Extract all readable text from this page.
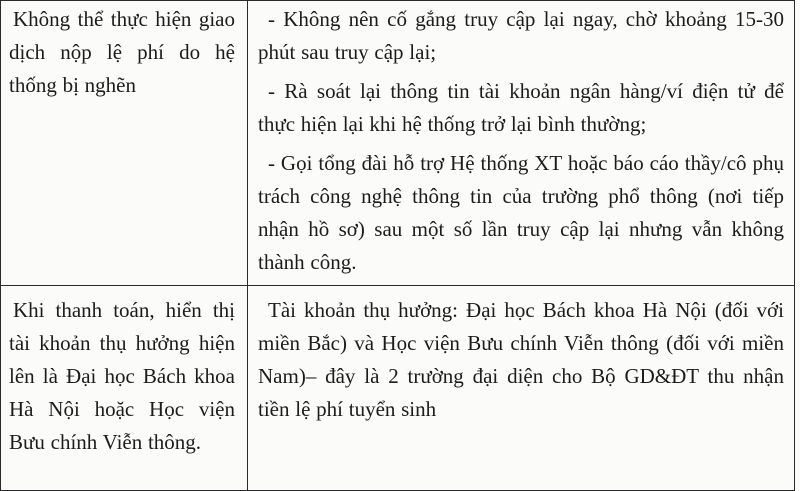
Không thể thực hiện giao dịch nộp lệ phí do hệ thống bị nghẽn	- Không nên cố gắng truy cập lại ngay, chờ khoảng 15-30 phút sau truy cập lại;

- Rà soát lại thông tin tài khoản ngân hàng/ví điện tử để thực hiện lại khi hệ thống trở lại bình thường;

- Gọi tổng đài hỗ trợ Hệ thống XT hoặc báo cáo thầy/cô phụ trách công nghệ thông tin của trường phổ thông (nơi tiếp nhận hồ sơ) sau một số lần truy cập lại nhưng vẫn không thành công.

Khi thanh toán, hiển thị tài khoản thụ hưởng hiện lên là Đại học Bách khoa Hà Nội hoặc Học viện Bưu chính Viễn thông.	Tài khoản thụ hưởng: Đại học Bách khoa Hà Nội (đối với miền Bắc) và Học viện Bưu chính Viễn thông (đối với miền Nam)– đây là 2 trường đại diện cho Bộ GD&ĐT thu nhận tiền lệ phí tuyển sinh
